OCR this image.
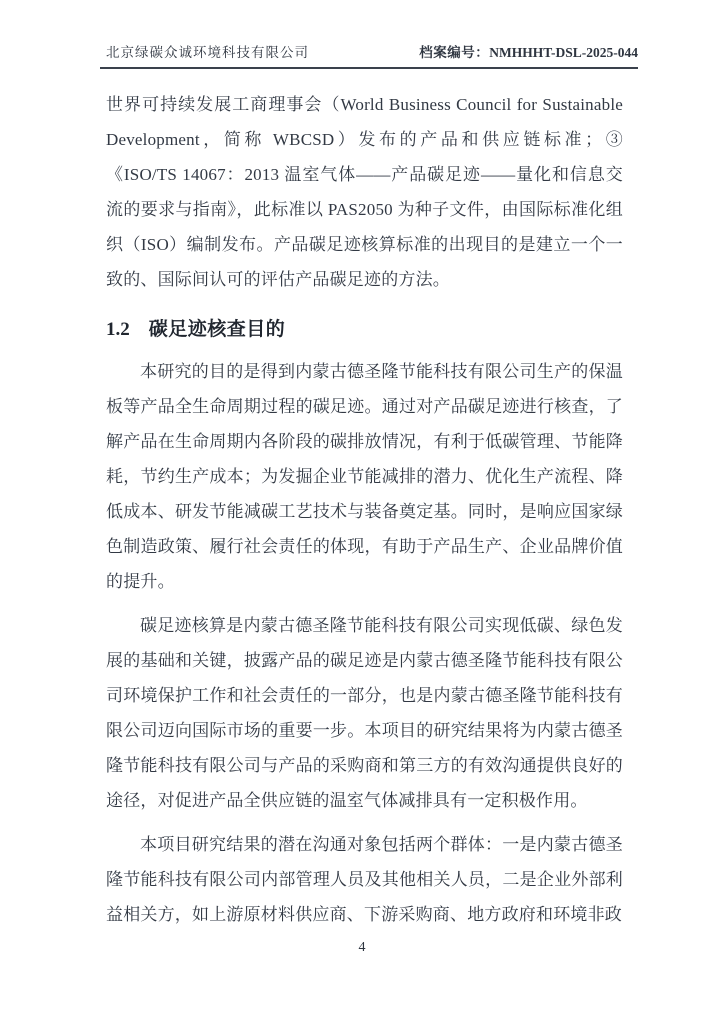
北京绿碳众诚环境科技有限公司	档案编号：NMHHHT-DSL-2025-044

世界可持续发展工商理事会（World Business Council for Sustainable Development，简称 WBCSD）发布的产品和供应链标准；③《ISO/TS 14067：2013 温室气体——产品碳足迹——量化和信息交流的要求与指南》，此标准以 PAS2050 为种子文件，由国际标准化组织（ISO）编制发布。产品碳足迹核算标准的出现目的是建立一个一致的、国际间认可的评估产品碳足迹的方法。

1.2 碳足迹核查目的

本研究的目的是得到内蒙古德圣隆节能科技有限公司生产的保温板等产品全生命周期过程的碳足迹。通过对产品碳足迹进行核查，了解产品在生命周期内各阶段的碳排放情况，有利于低碳管理、节能降耗，节约生产成本；为发掘企业节能减排的潜力、优化生产流程、降低成本、研发节能减碳工艺技术与装备奠定基。同时，是响应国家绿色制造政策、履行社会责任的体现，有助于产品生产、企业品牌价值的提升。

碳足迹核算是内蒙古德圣隆节能科技有限公司实现低碳、绿色发展的基础和关键，披露产品的碳足迹是内蒙古德圣隆节能科技有限公司环境保护工作和社会责任的一部分，也是内蒙古德圣隆节能科技有限公司迈向国际市场的重要一步。本项目的研究结果将为内蒙古德圣隆节能科技有限公司与产品的采购商和第三方的有效沟通提供良好的途径，对促进产品全供应链的温室气体减排具有一定积极作用。

本项目研究结果的潜在沟通对象包括两个群体：一是内蒙古德圣隆节能科技有限公司内部管理人员及其他相关人员，二是企业外部利益相关方，如上游原材料供应商、下游采购商、地方政府和环境非政

4
